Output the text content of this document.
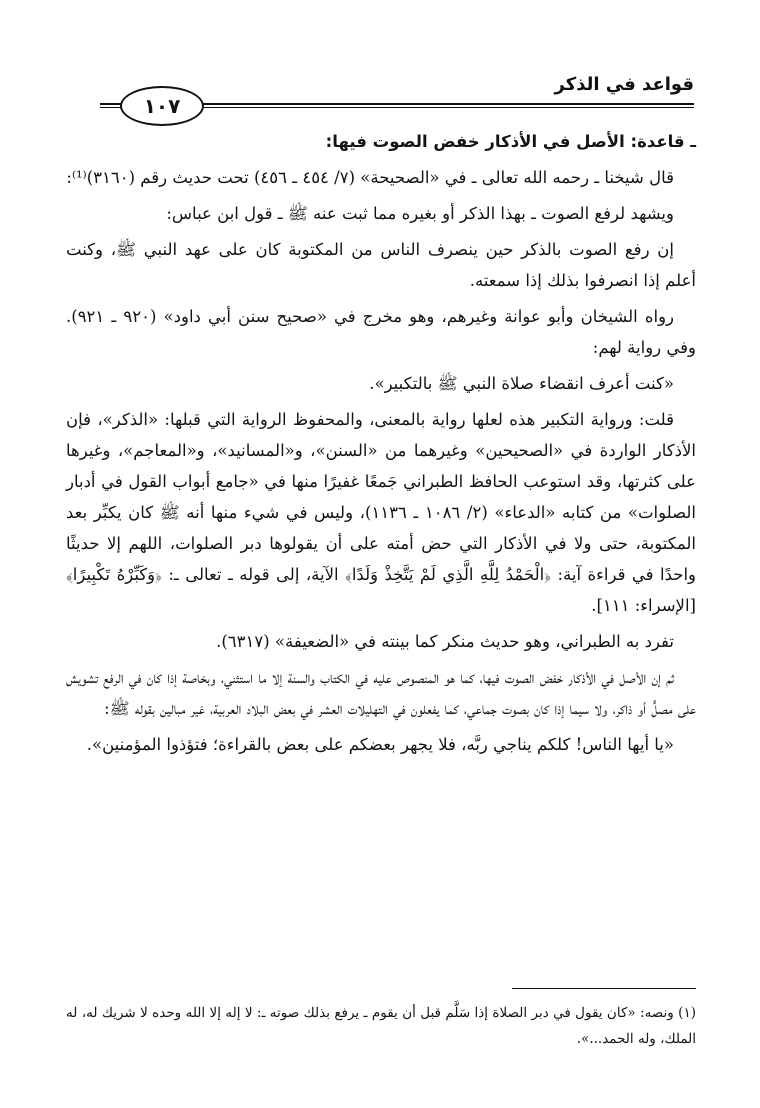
قواعد في الذكر
١٠٧

ـ قاعدة: الأصل في الأذكار خفض الصوت فيها:

قال شيخنا ـ رحمه الله تعالى ـ في «الصحيحة» (٧/ ٤٥٤ ـ ٤٥٦) تحت حديث رقم (٣١٦٠)⁽¹⁾:

ويشهد لرفع الصوت ـ بهذا الذكر أو بغيره مما ثبت عنه ﷺ ـ قول ابن عباس:

إن رفع الصوت بالذكر حين ينصرف الناس من المكتوبة كان على عهد النبي ﷺ، وكنت أعلم إذا انصرفوا بذلك إذا سمعته.

رواه الشيخان وأبو عوانة وغيرهم، وهو مخرج في «صحيح سنن أبي داود» (٩٢٠ ـ ٩٢١). وفي رواية لهم:

«كنت أعرف انقضاء صلاة النبي ﷺ بالتكبير».

قلت: ورواية التكبير هذه لعلها رواية بالمعنى، والمحفوظ الرواية التي قبلها: «الذكر»، فإن الأذكار الواردة في «الصحيحين» وغيرهما من «السنن»، و«المسانيد»، و«المعاجم»، وغيرها على كثرتها، وقد استوعب الحافظ الطبراني جَمعًا غفيرًا منها في «جامع أبواب القول في أدبار الصلوات» من كتابه «الدعاء» (٢/ ١٠٨٦ ـ ١١٣٦)، وليس في شيء منها أنه ﷺ كان يكبِّر بعد المكتوبة، حتى ولا في الأذكار التي حض أمته على أن يقولوها دبر الصلوات، اللهم إلا حديثًا واحدًا في قراءة آية: ﴿الْحَمْدُ لِلَّهِ الَّذِي لَمْ يَتَّخِذْ وَلَدًا﴾ الآية، إلى قوله ـ تعالى ـ: ﴿وَكَبِّرْهُ تَكْبِيرًا﴾ [الإسراء: ١١١].

تفرد به الطبراني، وهو حديث منكر كما بينته في «الضعيفة» (٦٣١٧).

ثم إن الأصل في الأذكار خفض الصوت فيها، كما هو المنصوص عليه في الكتاب والسنة إلا ما استثني، وبخاصة إذا كان في الرفع تشويش على مصلٍّ أو ذاكر، ولا سيما إذا كان بصوت جماعي، كما يفعلون في التهليلات العشر في بعض البلاد العربية، غير مبالين بقوله ﷺ:

«يا أيها الناس! كلكم يناجي ربَّه، فلا يجهر بعضكم على بعض بالقراءة؛ فتؤذوا المؤمنين».

(١) ونصه: «كان يقول في دبر الصلاة إذا سَلَّم قبل أن يقوم ـ يرفع بذلك صوته ـ: لا إله إلا الله وحده لا شريك له، له الملك، وله الحمد...».
